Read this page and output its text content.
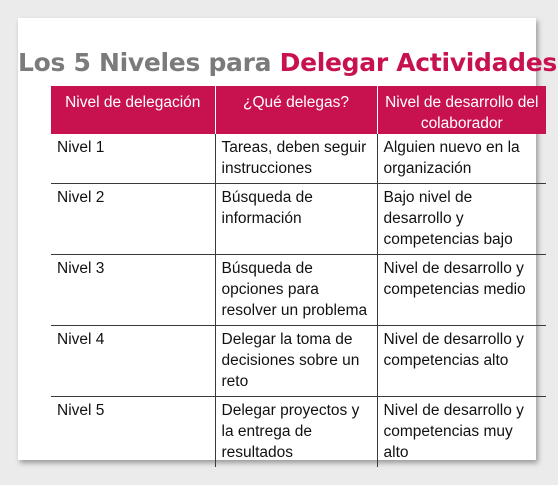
Los 5 Niveles para Delegar Actividades
Nivel de delegación	¿Qué delegas?	Nivel de desarrollo del colaborador
Nivel 1	Tareas, deben seguir instrucciones	Alguien nuevo en la organización
Nivel 2	Búsqueda de información	Bajo nivel de desarrollo y competencias bajo
Nivel 3	Búsqueda de opciones para resolver un problema	Nivel de desarrollo y competencias medio
Nivel 4	Delegar la toma de decisiones sobre un reto	Nivel de desarrollo y competencias alto
Nivel 5	Delegar proyectos y la entrega de resultados	Nivel de desarrollo y competencias muy alto
